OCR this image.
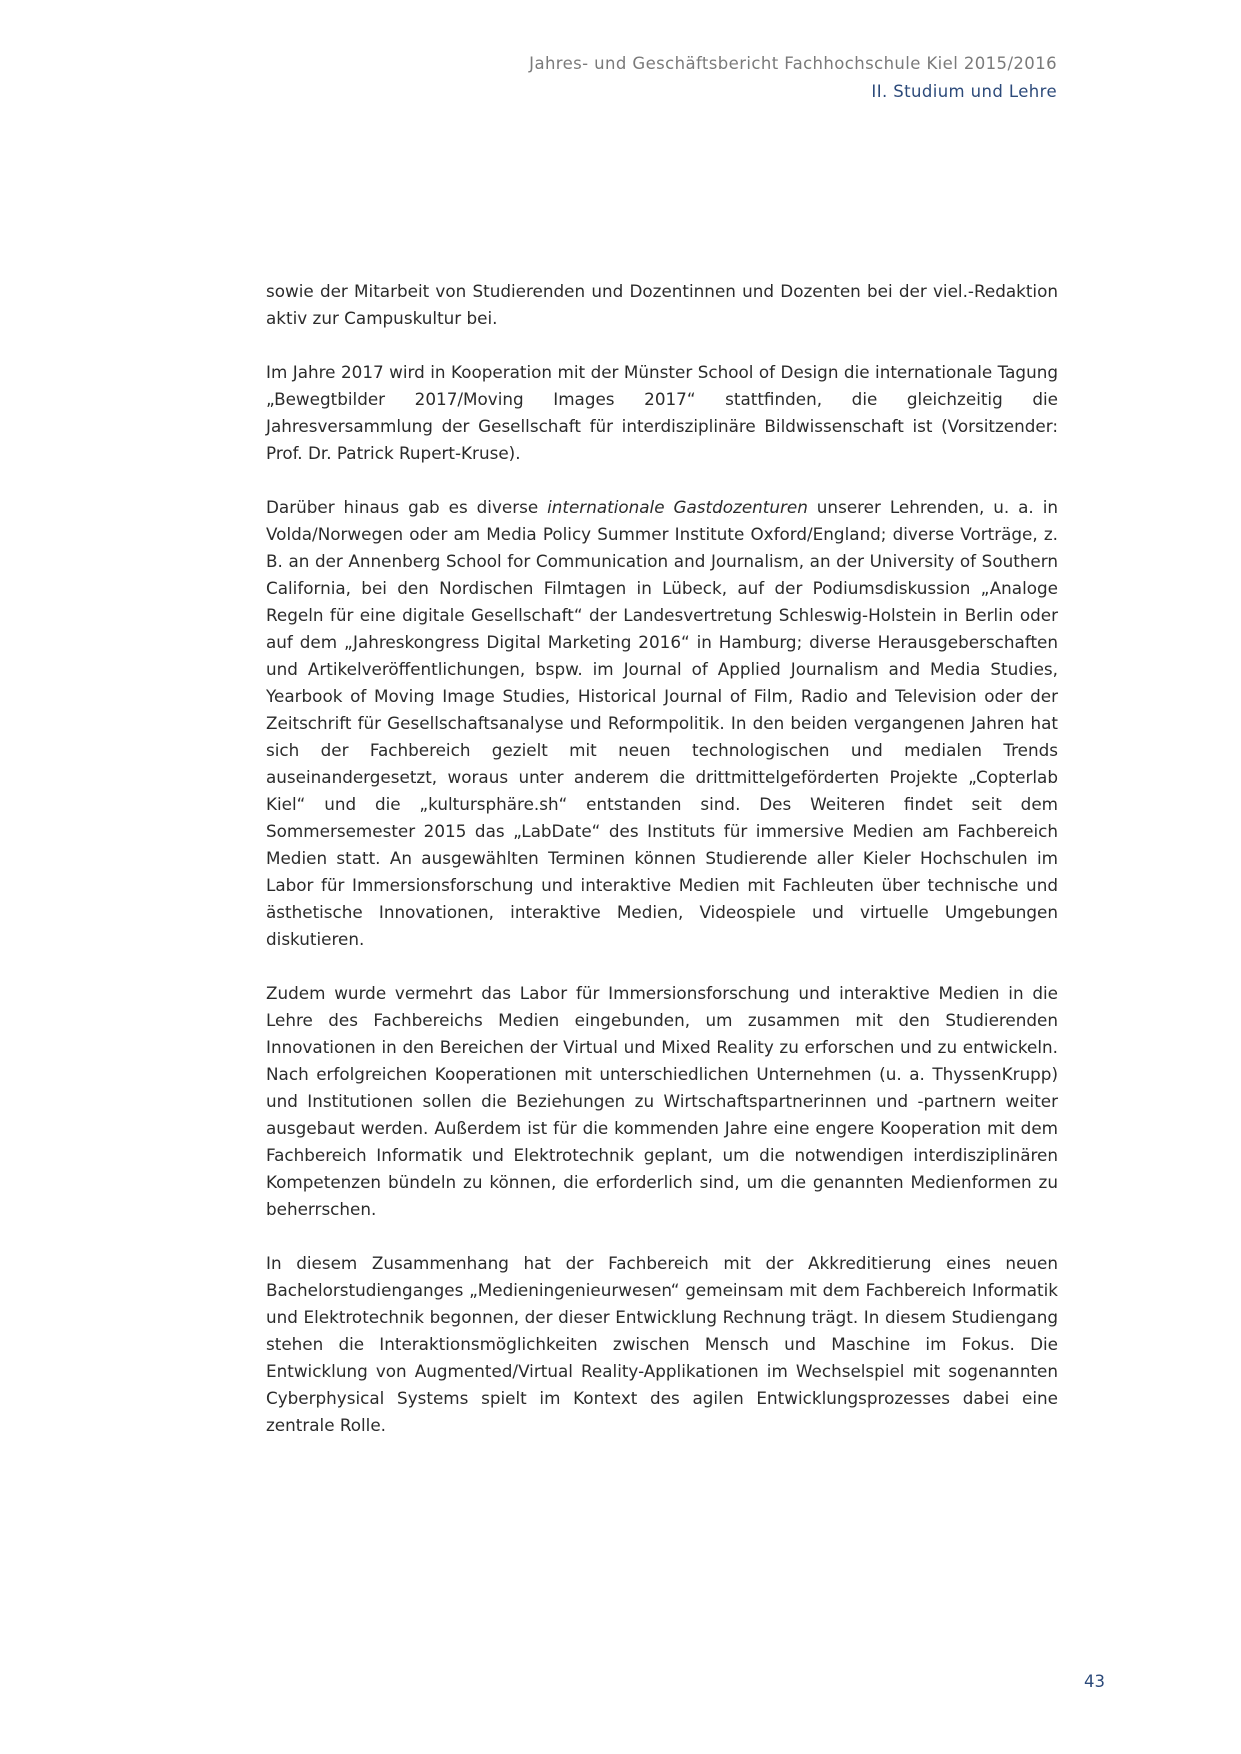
Jahres- und Geschäftsbericht Fachhochschule Kiel 2015/2016
II. Studium und Lehre

sowie der Mitarbeit von Studierenden und Dozentinnen und Dozenten bei der viel.-Redaktion aktiv zur Campuskultur bei.

Im Jahre 2017 wird in Kooperation mit der Münster School of Design die internationale Tagung „Bewegtbilder 2017/Moving Images 2017“ stattfinden, die gleichzeitig die Jahresversammlung der Gesellschaft für interdisziplinäre Bildwissenschaft ist (Vorsitzender: Prof. Dr. Patrick Rupert-Kruse).

Darüber hinaus gab es diverse internationale Gastdozenturen unserer Lehrenden, u. a. in Volda/Norwegen oder am Media Policy Summer Institute Oxford/England; diverse Vorträge, z. B. an der Annenberg School for Communication and Journalism, an der University of Southern California, bei den Nordischen Filmtagen in Lübeck, auf der Podiumsdiskussion „Analoge Regeln für eine digitale Gesellschaft“ der Landesvertretung Schleswig-Holstein in Berlin oder auf dem „Jahreskongress Digital Marketing 2016“ in Hamburg; diverse Herausgeberschaften und Artikelveröffentlichungen, bspw. im Journal of Applied Journalism and Media Studies, Yearbook of Moving Image Studies, Historical Journal of Film, Radio and Television oder der Zeitschrift für Gesellschaftsanalyse und Reformpolitik. In den beiden vergangenen Jahren hat sich der Fachbereich gezielt mit neuen technologischen und medialen Trends auseinandergesetzt, woraus unter anderem die drittmittelgeförderten Projekte „Copterlab Kiel“ und die „kultursphäre.sh“ entstanden sind. Des Weiteren findet seit dem Sommersemester 2015 das „LabDate“ des Instituts für immersive Medien am Fachbereich Medien statt. An ausgewählten Terminen können Studierende aller Kieler Hochschulen im Labor für Immersionsforschung und interaktive Medien mit Fachleuten über technische und ästhetische Innovationen, interaktive Medien, Videospiele und virtuelle Umgebungen diskutieren.

Zudem wurde vermehrt das Labor für Immersionsforschung und interaktive Medien in die Lehre des Fachbereichs Medien eingebunden, um zusammen mit den Studierenden Innovationen in den Bereichen der Virtual und Mixed Reality zu erforschen und zu entwickeln. Nach erfolgreichen Kooperationen mit unterschiedlichen Unternehmen (u. a. ThyssenKrupp) und Institutionen sollen die Beziehungen zu Wirtschaftspartnerinnen und -partnern weiter ausgebaut werden. Außerdem ist für die kommenden Jahre eine engere Kooperation mit dem Fachbereich Informatik und Elektrotechnik geplant, um die notwendigen interdisziplinären Kompetenzen bündeln zu können, die erforderlich sind, um die genannten Medienformen zu beherrschen.

In diesem Zusammenhang hat der Fachbereich mit der Akkreditierung eines neuen Bachelorstudienganges „Medieningenieurwesen“ gemeinsam mit dem Fachbereich Informatik und Elektrotechnik begonnen, der dieser Entwicklung Rechnung trägt. In diesem Studiengang stehen die Interaktionsmöglichkeiten zwischen Mensch und Maschine im Fokus. Die Entwicklung von Augmented/Virtual Reality-Applikationen im Wechselspiel mit sogenannten Cyberphysical Systems spielt im Kontext des agilen Entwicklungsprozesses dabei eine zentrale Rolle.

43
